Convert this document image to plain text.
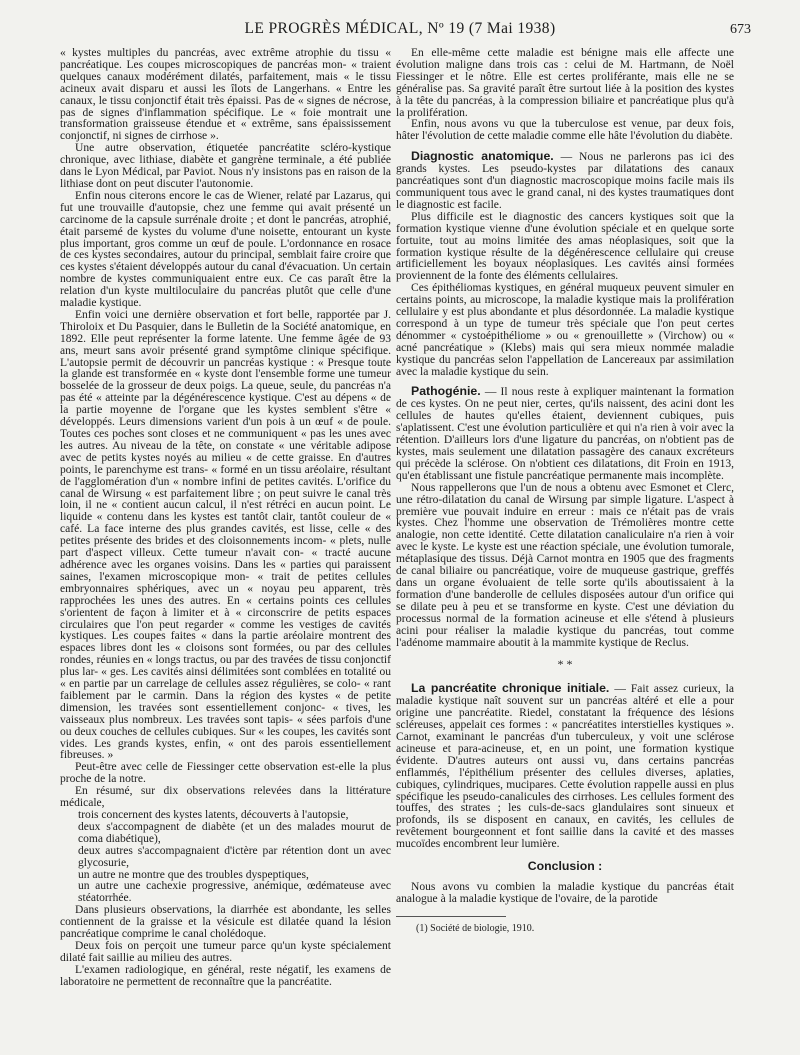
LE PROGRÈS MÉDICAL, Nº 19 (7 Mai 1938)	673

« kystes multiples du pancréas, avec extrême atrophie du tissu « pancréatique. Les coupes microscopiques de pancréas mon- « traient quelques canaux modérément dilatés, parfaitement, mais « le tissu acineux avait disparu et aussi les îlots de Langerhans. « Entre les canaux, le tissu conjonctif était très épaissi. Pas de « signes de nécrose, pas de signes d'inflammation spécifique. Le « foie montrait une transformation graisseuse étendue et « extrême, sans épaississement conjonctif, ni signes de cirrhose ».

Une autre observation, étiquetée pancréatite scléro-kystique chronique, avec lithiase, diabète et gangrène terminale, a été publiée dans le Lyon Médical, par Paviot. Nous n'y insistons pas en raison de la lithiase dont on peut discuter l'autonomie.

Enfin nous citerons encore le cas de Wiener, relaté par Lazarus, qui fut une trouvaille d'autopsie, chez une femme qui avait présenté un carcinome de la capsule surrénale droite ; et dont le pancréas, atrophié, était parsemé de kystes du volume d'une noisette, entourant un kyste plus important, gros comme un œuf de poule. L'ordonnance en rosace de ces kystes secondaires, autour du principal, semblait faire croire que ces kystes s'étaient développés autour du canal d'évacuation. Un certain nombre de kystes communiquaient entre eux. Ce cas paraît être la relation d'un kyste multiloculaire du pancréas plutôt que celle d'une maladie kystique.

Enfin voici une dernière observation et fort belle, rapportée par J. Thiroloix et Du Pasquier, dans le Bulletin de la Société anatomique, en 1892. Elle peut représenter la forme latente. Une femme âgée de 93 ans, meurt sans avoir présenté grand symptôme clinique spécifique. L'autopsie permit de découvrir un pancréas kystique : « Presque toute la glande est transformée en « kyste dont l'ensemble forme une tumeur bosselée de la grosseur de deux poigs. La queue, seule, du pancréas n'a pas été « atteinte par la dégénérescence kystique. C'est au dépens « de la partie moyenne de l'organe que les kystes semblent s'être « développés. Leurs dimensions varient d'un pois à un œuf « de poule. Toutes ces poches sont closes et ne communiquent « pas les unes avec les autres. Au niveau de la tête, on constate « une véritable adipose avec de petits kystes noyés au milieu « de cette graisse. En d'autres points, le parenchyme est trans- « formé en un tissu aréolaire, résultant de l'agglomération d'un « nombre infini de petites cavités. L'orifice du canal de Wirsung « est parfaitement libre ; on peut suivre le canal très loin, il ne « contient aucun calcul, il n'est rétréci en aucun point. Le liquide « contenu dans les kystes est tantôt clair, tantôt couleur de « café. La face interne des plus grandes cavités, est lisse, celle « des petites présente des brides et des cloisonnements incom- « plets, nulle part d'aspect villeux. Cette tumeur n'avait con- « tracté aucune adhérence avec les organes voisins. Dans les « parties qui paraissent saines, l'examen microscopique mon- « trait de petites cellules embryonnaires sphériques, avec un « noyau peu apparent, très rapprochées les unes des autres. En « certains points ces cellules s'orientent de façon à limiter et à « circonscrire de petits espaces circulaires que l'on peut regarder « comme les vestiges de cavités kystiques. Les coupes faites « dans la partie aréolaire montrent des espaces libres dont les « cloisons sont formées, ou par des cellules rondes, réunies en « longs tractus, ou par des travées de tissu conjonctif plus lar- « ges. Les cavités ainsi délimitées sont comblées en totalité ou « en partie par un carrelage de cellules assez régulières, se colo- « rant faiblement par le carmin. Dans la région des kystes « de petite dimension, les travées sont essentiellement conjonc- « tives, les vaisseaux plus nombreux. Les travées sont tapis- « sées parfois d'une ou deux couches de cellules cubiques. Sur « les coupes, les cavités sont vides. Les grands kystes, enfin, « ont des parois essentiellement fibreuses. »

Peut-être avec celle de Fiessinger cette observation est-elle la plus proche de la notre.

En résumé, sur dix observations relevées dans la littérature médicale,

trois concernent des kystes latents, découverts à l'autopsie,

deux s'accompagnent de diabète (et un des malades mourut de coma diabétique),

deux autres s'accompagnaient d'ictère par rétention dont un avec glycosurie,

un autre ne montre que des troubles dyspeptiques,

un autre une cachexie progressive, anémique, œdémateuse avec stéatorrhée.

Dans plusieurs observations, la diarrhée est abondante, les selles contiennent de la graisse et la vésicule est dilatée quand la lésion pancréatique comprime le canal cholédoque.

Deux fois on perçoit une tumeur parce qu'un kyste spécialement dilaté fait saillie au milieu des autres.

L'examen radiologique, en général, reste négatif, les examens de laboratoire ne permettent de reconnaître que la pancréatite.

En elle-même cette maladie est bénigne mais elle affecte une évolution maligne dans trois cas : celui de M. Hartmann, de Noël Fiessinger et le nôtre. Elle est certes proliférante, mais elle ne se généralise pas. Sa gravité paraît être surtout liée à la position des kystes à la tête du pancréas, à la compression biliaire et pancréatique plus qu'à la prolifération.

Enfin, nous avons vu que la tuberculose est venue, par deux fois, hâter l'évolution de cette maladie comme elle hâte l'évolution du diabète.

Diagnostic anatomique. — Nous ne parlerons pas ici des grands kystes. Les pseudo-kystes par dilatations des canaux pancréatiques sont d'un diagnostic macroscopique moins facile mais ils communiquent tous avec le grand canal, ni des kystes traumatiques dont le diagnostic est facile.

Plus difficile est le diagnostic des cancers kystiques soit que la formation kystique vienne d'une évolution spéciale et en quelque sorte fortuite, tout au moins limitée des amas néoplasiques, soit que la formation kystique résulte de la dégénérescence cellulaire qui creuse artificiellement les boyaux néoplasiques. Les cavités ainsi formées proviennent de la fonte des éléments cellulaires.

Ces épithéliomas kystiques, en général muqueux peuvent simuler en certains points, au microscope, la maladie kystique mais la prolifération cellulaire y est plus abondante et plus désordonnée. La maladie kystique correspond à un type de tumeur très spéciale que l'on peut certes dénommer « cystoépithéliome » ou « grenouillette » (Virchow) ou « acné pancréatique » (Klebs) mais qui sera mieux nommée maladie kystique du pancréas selon l'appellation de Lancereaux par assimilation avec la maladie kystique du sein.

Pathogénie. — Il nous reste à expliquer maintenant la formation de ces kystes. On ne peut nier, certes, qu'ils naissent, des acini dont les cellules de hautes qu'elles étaient, deviennent cubiques, puis s'aplatissent. C'est une évolution particulière et qui n'a rien à voir avec la rétention. D'ailleurs lors d'une ligature du pancréas, on n'obtient pas de kystes, mais seulement une dilatation passagère des canaux excréteurs qui précède la sclérose. On n'obtient ces dilatations, dit Froin en 1913, qu'en établissant une fistule pancréatique permanente mais incomplète.

Nous rappellerons que l'un de nous a obtenu avec Esmonet et Clerc, une rétro-dilatation du canal de Wirsung par simple ligature. L'aspect à première vue pouvait induire en erreur : mais ce n'était pas de vrais kystes. Chez l'homme une observation de Trémolières montre cette analogie, non cette identité. Cette dilatation canaliculaire n'a rien à voir avec le kyste. Le kyste est une réaction spéciale, une évolution tumorale, métaplasique des tissus. Déjà Carnot montra en 1905 que des fragments de canal biliaire ou pancréatique, voire de muqueuse gastrique, greffés dans un organe évoluaient de telle sorte qu'ils aboutissaient à la formation d'une banderolle de cellules disposées autour d'un orifice qui se dilate peu à peu et se transforme en kyste. C'est une déviation du processus normal de la formation acineuse et elle s'étend à plusieurs acini pour réaliser la maladie kystique du pancréas, tout comme l'adénome mammaire aboutit à la mammite kystique de Reclus.

* *

La pancréatite chronique initiale. — Fait assez curieux, la maladie kystique naît souvent sur un pancréas altéré et elle a pour origine une pancréatite. Riedel, constatant la fréquence des lésions scléreuses, appelait ces formes : « pancréatites interstielles kystiques ». Carnot, examinant le pancréas d'un tuberculeux, y voit une sclérose acineuse et para-acineuse, et, en un point, une formation kystique évidente. D'autres auteurs ont aussi vu, dans certains pancréas enflammés, l'épithélium présenter des cellules diverses, aplaties, cubiques, cylindriques, mucipares. Cette évolution rappelle aussi en plus spécifique les pseudo-canalicules des cirrhoses. Les cellules forment des touffes, des strates ; les culs-de-sacs glandulaires sont sinueux et profonds, ils se disposent en canaux, en cavités, les cellules de revêtement bourgeonnent et font saillie dans la cavité et des masses mucoïdes encombrent leur lumière.

Conclusion :

Nous avons vu combien la maladie kystique du pancréas était analogue à la maladie kystique de l'ovaire, de la parotide

(1) Société de biologie, 1910.
